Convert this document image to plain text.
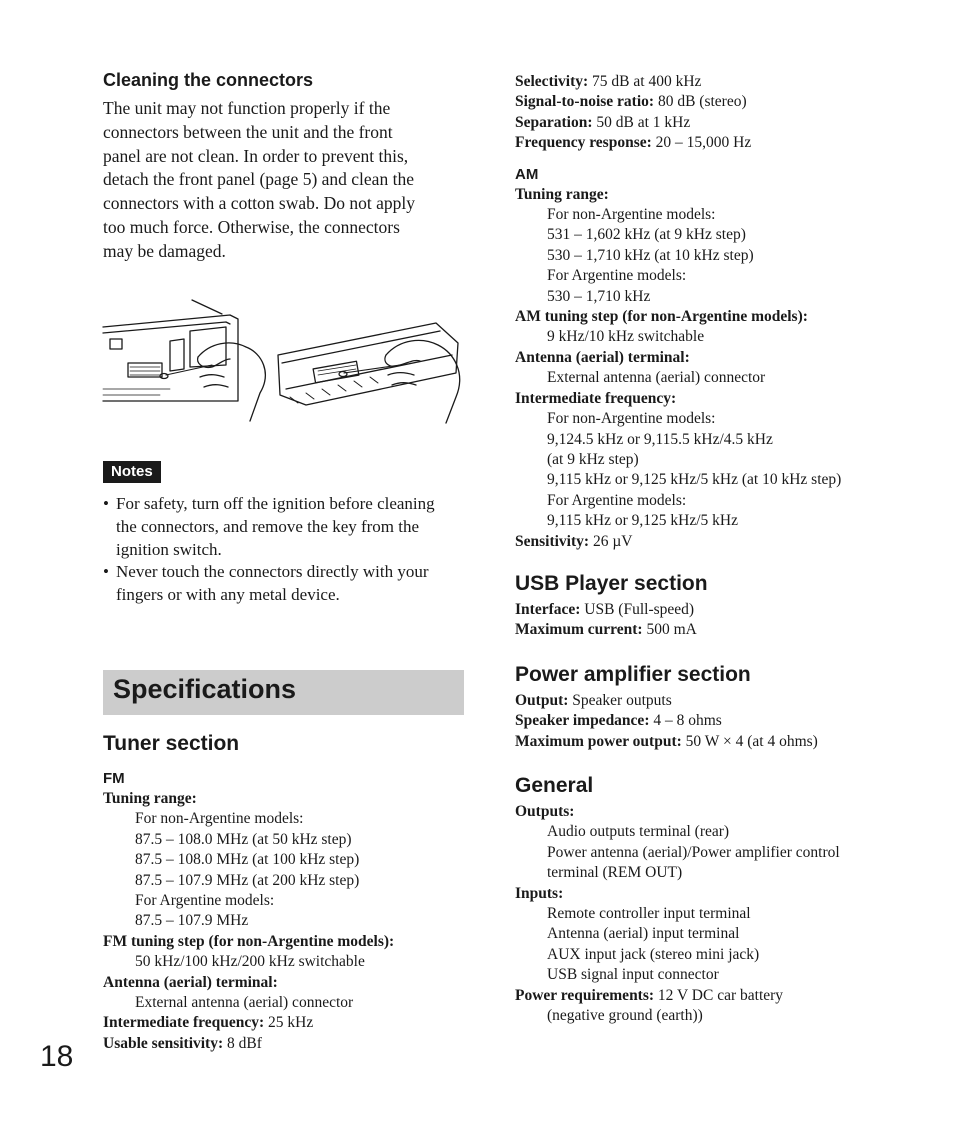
Cleaning the connectors
The unit may not function properly if the
connectors between the unit and the front
panel are not clean. In order to prevent this,
detach the front panel (page 5) and clean the
connectors with a cotton swab. Do not apply
too much force. Otherwise, the connectors
may be damaged.
Notes
• For safety, turn off the ignition before cleaning
the connectors, and remove the key from the
ignition switch.
• Never touch the connectors directly with your
fingers or with any metal device.
Specifications
Tuner section
FM
Tuning range:
For non-Argentine models:
87.5 – 108.0 MHz (at 50 kHz step)
87.5 – 108.0 MHz (at 100 kHz step)
87.5 – 107.9 MHz (at 200 kHz step)
For Argentine models:
87.5 – 107.9 MHz
FM tuning step (for non-Argentine models):
50 kHz/100 kHz/200 kHz switchable
Antenna (aerial) terminal:
External antenna (aerial) connector
Intermediate frequency: 25 kHz
Usable sensitivity: 8 dBf
Selectivity: 75 dB at 400 kHz
Signal-to-noise ratio: 80 dB (stereo)
Separation: 50 dB at 1 kHz
Frequency response: 20 – 15,000 Hz
AM
Tuning range:
For non-Argentine models:
531 – 1,602 kHz (at 9 kHz step)
530 – 1,710 kHz (at 10 kHz step)
For Argentine models:
530 – 1,710 kHz
AM tuning step (for non-Argentine models):
9 kHz/10 kHz switchable
Antenna (aerial) terminal:
External antenna (aerial) connector
Intermediate frequency:
For non-Argentine models:
9,124.5 kHz or 9,115.5 kHz/4.5 kHz
(at 9 kHz step)
9,115 kHz or 9,125 kHz/5 kHz (at 10 kHz step)
For Argentine models:
9,115 kHz or 9,125 kHz/5 kHz
Sensitivity: 26 µV
USB Player section
Interface: USB (Full-speed)
Maximum current: 500 mA
Power amplifier section
Output: Speaker outputs
Speaker impedance: 4 – 8 ohms
Maximum power output: 50 W × 4 (at 4 ohms)
General
Outputs:
Audio outputs terminal (rear)
Power antenna (aerial)/Power amplifier control
terminal (REM OUT)
Inputs:
Remote controller input terminal
Antenna (aerial) input terminal
AUX input jack (stereo mini jack)
USB signal input connector
Power requirements: 12 V DC car battery
(negative ground (earth))
18
